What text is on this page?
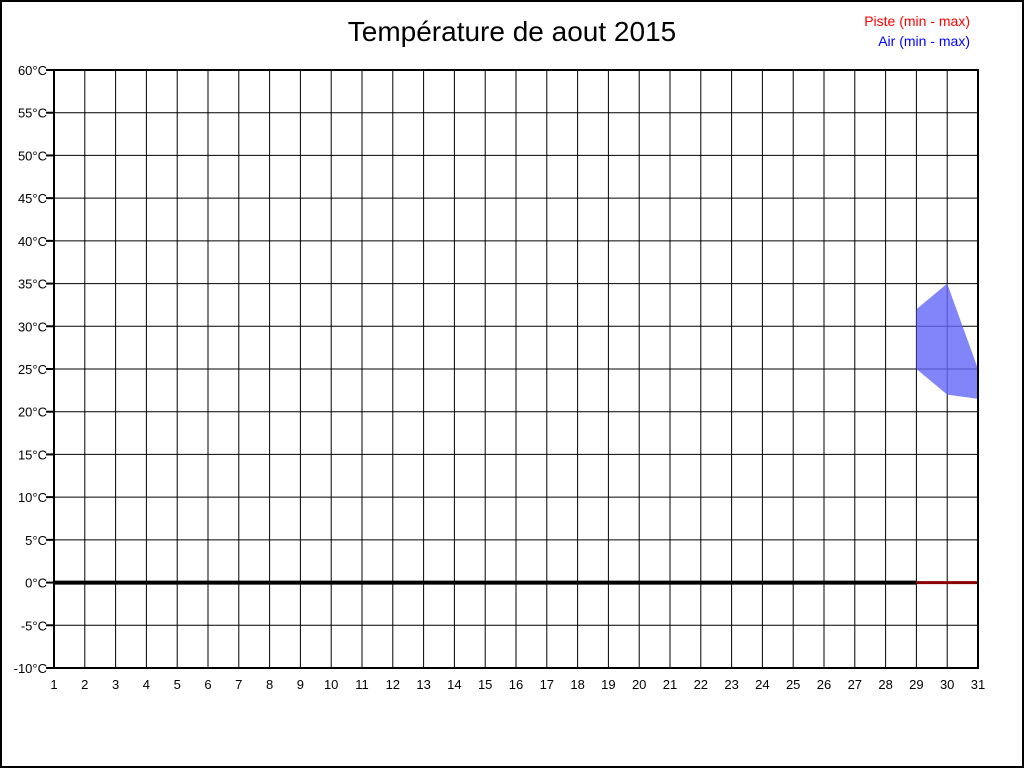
Température de aout 2015	Piste (min - max)
Air (min - max)
60°C
55°C
50°C
45°C
40°C
35°C
30°C
25°C
20°C
15°C
10°C
5°C
0°C
-5°C
-10°C
1 2 3 4 5 6 7 8 9 10 11 12 13 14 15 16 17 18 19 20 21 22 23 24 25 26 27 28 29 30 31
